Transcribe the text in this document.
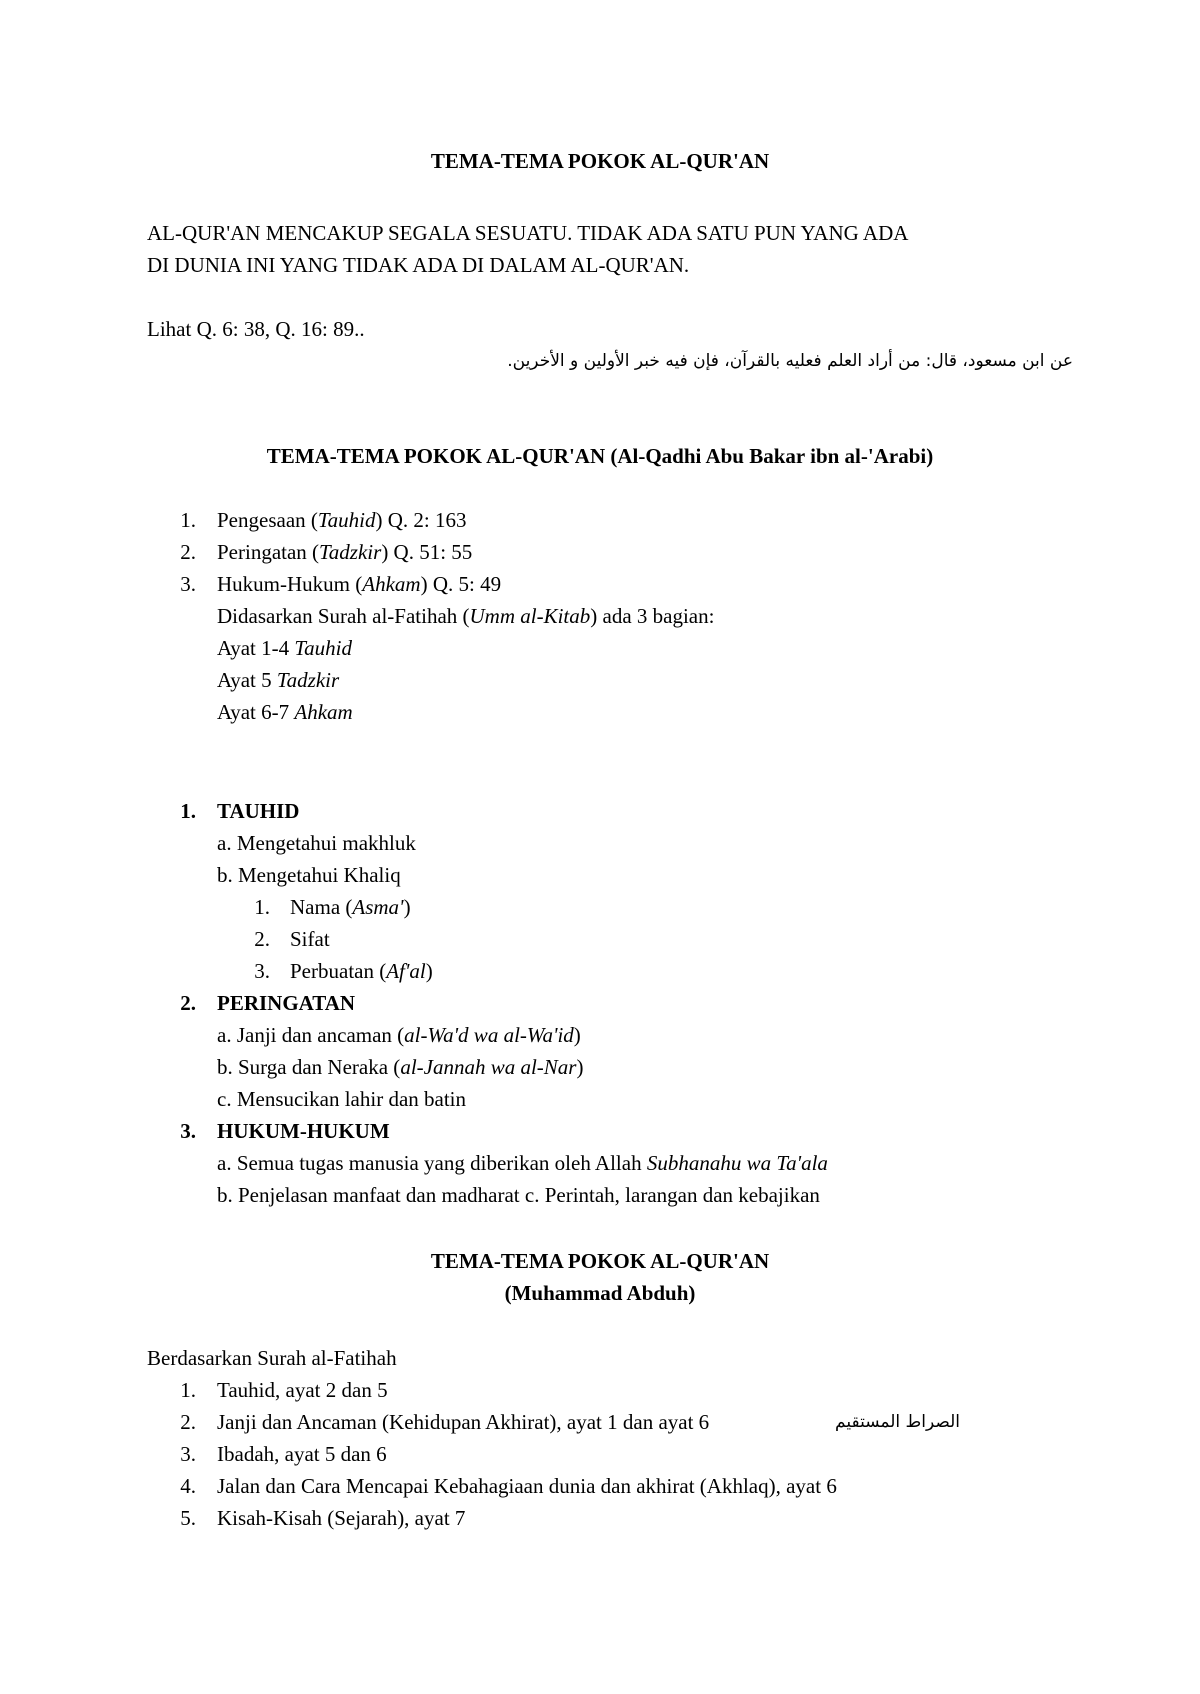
TEMA-TEMA POKOK AL-QUR'AN
AL-QUR'AN MENCAKUP SEGALA SESUATU. TIDAK ADA SATU PUN YANG ADA
DI DUNIA INI YANG TIDAK ADA DI DALAM AL-QUR'AN.
Lihat Q. 6: 38, Q. 16: 89..
عن ابن مسعود، قال: من أراد العلم فعليه بالقرآن، فإن فيه خبر الأولين و الأخرين.
TEMA-TEMA POKOK AL-QUR'AN (Al-Qadhi Abu Bakar ibn al-'Arabi)
1. Pengesaan (Tauhid) Q. 2: 163
2. Peringatan (Tadzkir) Q. 51: 55
3. Hukum-Hukum (Ahkam) Q. 5: 49
Didasarkan Surah al-Fatihah (Umm al-Kitab) ada 3 bagian:
Ayat 1-4 Tauhid
Ayat 5 Tadzkir
Ayat 6-7 Ahkam
1. TAUHID
a. Mengetahui makhluk
b. Mengetahui Khaliq
1. Nama (Asma')
2. Sifat
3. Perbuatan (Af'al)
2. PERINGATAN
a. Janji dan ancaman (al-Wa'd wa al-Wa'id)
b. Surga dan Neraka (al-Jannah wa al-Nar)
c. Mensucikan lahir dan batin
3. HUKUM-HUKUM
a. Semua tugas manusia yang diberikan oleh Allah Subhanahu wa Ta'ala
b. Penjelasan manfaat dan madharat c. Perintah, larangan dan kebajikan
TEMA-TEMA POKOK AL-QUR'AN
(Muhammad Abduh)
Berdasarkan Surah al-Fatihah
1. Tauhid, ayat 2 dan 5
2. Janji dan Ancaman (Kehidupan Akhirat), ayat 1 dan ayat 6	الصراط المستقيم
3. Ibadah, ayat 5 dan 6
4. Jalan dan Cara Mencapai Kebahagiaan dunia dan akhirat (Akhlaq), ayat 6
5. Kisah-Kisah (Sejarah), ayat 7
